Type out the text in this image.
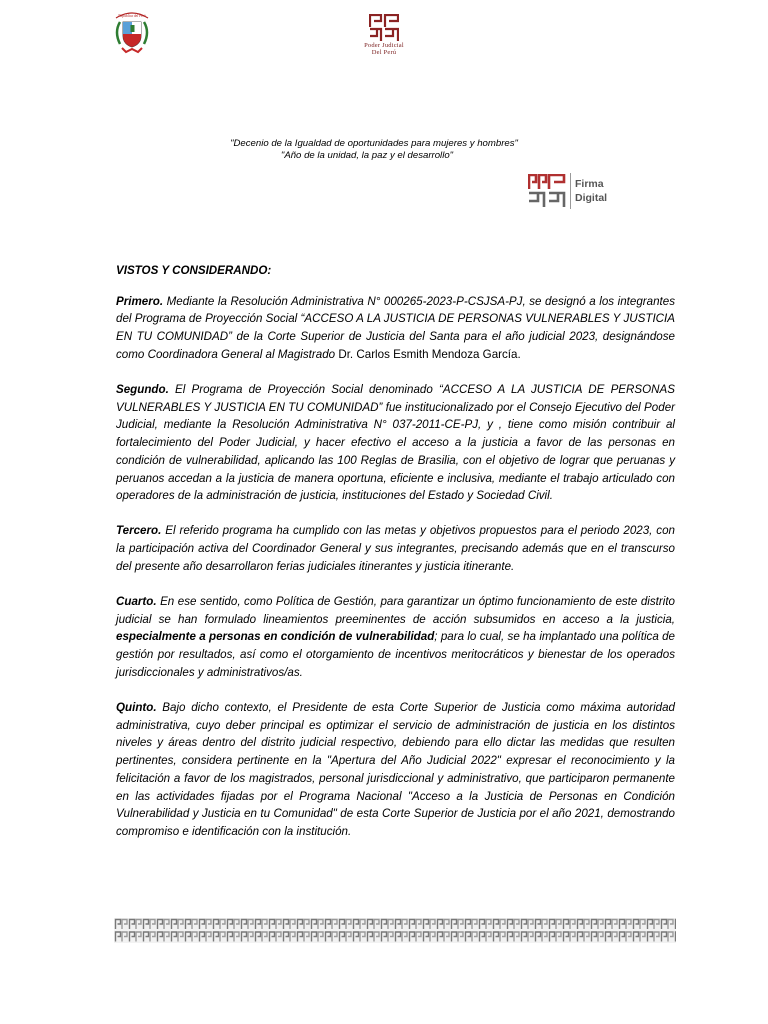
República del Perú
Poder Judicial
Del Perú
"Decenio de la Igualdad de oportunidades para mujeres y hombres"
"Año de la unidad, la paz y el desarrollo"
Firma
Digital

VISTOS Y CONSIDERANDO:

Primero. Mediante la Resolución Administrativa N° 000265-2023-P-CSJSA-PJ, se designó a los integrantes del Programa de Proyección Social “ACCESO A LA JUSTICIA DE PERSONAS VULNERABLES Y JUSTICIA EN TU COMUNIDAD” de la Corte Superior de Justicia del Santa para el año judicial 2023, designándose como Coordinadora General al Magistrado Dr. Carlos Esmith Mendoza García.

Segundo. El Programa de Proyección Social denominado “ACCESO A LA JUSTICIA DE PERSONAS VULNERABLES Y JUSTICIA EN TU COMUNIDAD” fue institucionalizado por el Consejo Ejecutivo del Poder Judicial, mediante la Resolución Administrativa N° 037-2011-CE-PJ, y , tiene como misión contribuir al fortalecimiento del Poder Judicial, y hacer efectivo el acceso a la justicia a favor de las personas en condición de vulnerabilidad, aplicando las 100 Reglas de Brasilia, con el objetivo de lograr que peruanas y peruanos accedan a la justicia de manera oportuna, eficiente e inclusiva, mediante el trabajo articulado con operadores de la administración de justicia, instituciones del Estado y Sociedad Civil.

Tercero. El referido programa ha cumplido con las metas y objetivos propuestos para el periodo 2023, con la participación activa del Coordinador General y sus integrantes, precisando además que en el transcurso del presente año desarrollaron ferias judiciales itinerantes y justicia itinerante.

Cuarto. En ese sentido, como Política de Gestión, para garantizar un óptimo funcionamiento de este distrito judicial se han formulado lineamientos preeminentes de acción subsumidos en acceso a la justicia, especialmente a personas en condición de vulnerabilidad; para lo cual, se ha implantado una política de gestión por resultados, así como el otorgamiento de incentivos meritocráticos y bienestar de los operados jurisdiccionales y administrativos/as.

Quinto. Bajo dicho contexto, el Presidente de esta Corte Superior de Justicia como máxima autoridad administrativa, cuyo deber principal es optimizar el servicio de administración de justicia en los distintos niveles y áreas dentro del distrito judicial respectivo, debiendo para ello dictar las medidas que resulten pertinentes, considera pertinente en la "Apertura del Año Judicial 2022" expresar el reconocimiento y la felicitación a favor de los magistrados, personal jurisdiccional y administrativo, que participaron permanente en las actividades fijadas por el Programa Nacional "Acceso a la Justicia de Personas en Condición Vulnerabilidad y Justicia en tu Comunidad" de esta Corte Superior de Justicia por el año 2021, demostrando compromiso e identificación con la institución.
